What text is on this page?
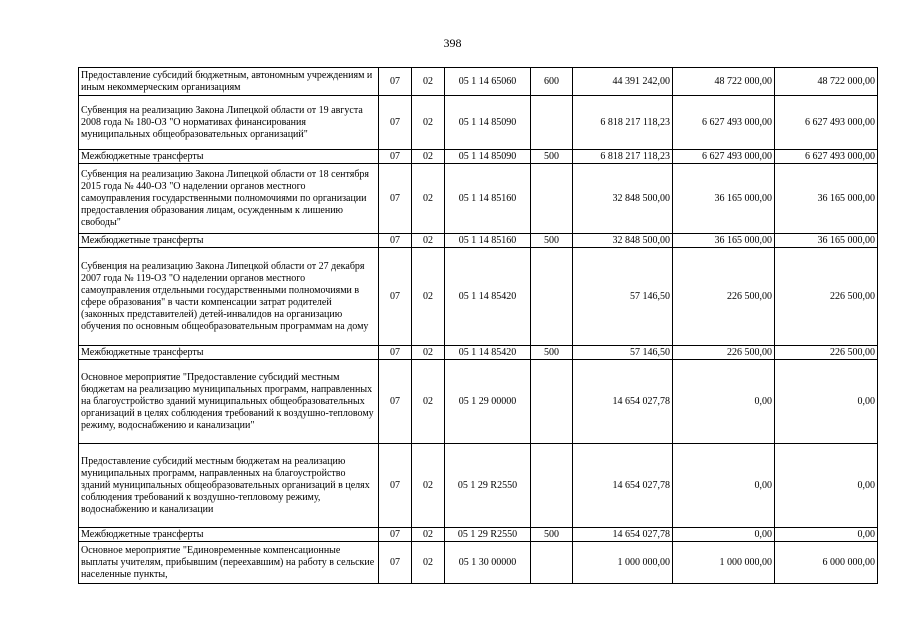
398
Предоставление субсидий бюджетным, автономным учреждениям и иным некоммерческим организациям	07	02	05 1 14 65060	600	44 391 242,00	48 722 000,00	48 722 000,00
Субвенция на реализацию Закона Липецкой области от 19 августа 2008 года № 180-ОЗ "О нормативах финансирования муниципальных общеобразовательных организаций"	07	02	05 1 14 85090		6 818 217 118,23	6 627 493 000,00	6 627 493 000,00
Межбюджетные трансферты	07	02	05 1 14 85090	500	6 818 217 118,23	6 627 493 000,00	6 627 493 000,00
Субвенция на реализацию Закона Липецкой области от 18 сентября 2015 года № 440-ОЗ "О наделении органов местного самоуправления государственными полномочиями по организации предоставления образования лицам, осужденным к лишению свободы"	07	02	05 1 14 85160		32 848 500,00	36 165 000,00	36 165 000,00
Межбюджетные трансферты	07	02	05 1 14 85160	500	32 848 500,00	36 165 000,00	36 165 000,00
Субвенция на реализацию Закона Липецкой области от 27 декабря 2007 года № 119-ОЗ "О наделении органов местного самоуправления отдельными государственными полномочиями в сфере образования" в части компенсации затрат родителей (законных представителей) детей-инвалидов на организацию обучения по основным общеобразовательным программам на дому	07	02	05 1 14 85420		57 146,50	226 500,00	226 500,00
Межбюджетные трансферты	07	02	05 1 14 85420	500	57 146,50	226 500,00	226 500,00
Основное мероприятие "Предоставление субсидий местным бюджетам на реализацию муниципальных программ, направленных на благоустройство зданий муниципальных общеобразовательных организаций в целях соблюдения требований к воздушно-тепловому режиму, водоснабжению и канализации"	07	02	05 1 29 00000		14 654 027,78	0,00	0,00
Предоставление субсидий местным бюджетам на реализацию муниципальных программ, направленных на благоустройство зданий муниципальных общеобразовательных организаций в целях соблюдения требований к воздушно-тепловому режиму, водоснабжению и канализации	07	02	05 1 29 R2550		14 654 027,78	0,00	0,00
Межбюджетные трансферты	07	02	05 1 29 R2550	500	14 654 027,78	0,00	0,00
Основное мероприятие "Единовременные компенсационные выплаты учителям, прибывшим (переехавшим) на работу в сельские населенные пункты,	07	02	05 1 30 00000		1 000 000,00	1 000 000,00	6 000 000,00
